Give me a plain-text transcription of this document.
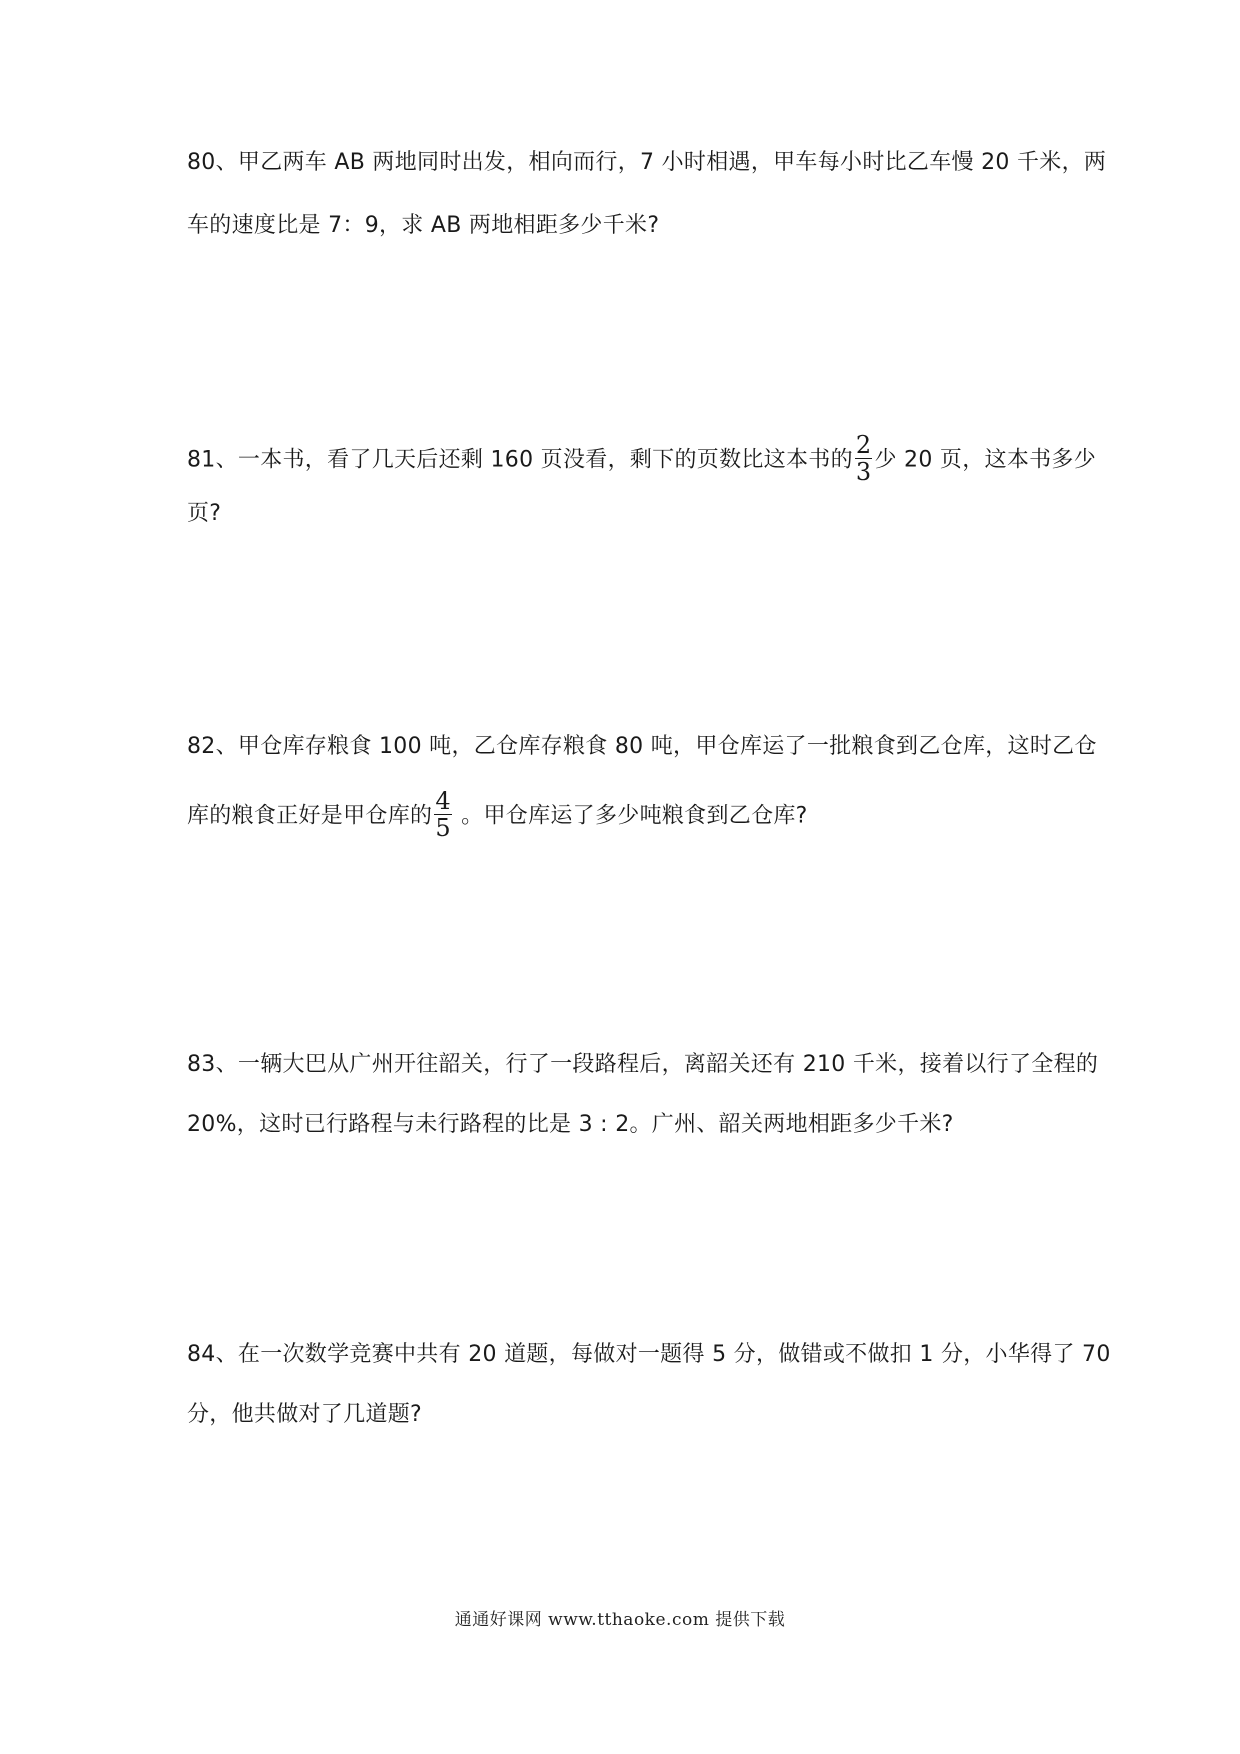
80、甲乙两车 AB 两地同时出发，相向而行，7 小时相遇，甲车每小时比乙车慢 20 千米，两
车的速度比是 7：9，求 AB 两地相距多少千米?
81、一本书，看了几天后还剩 160 页没看，剩下的页数比这本书的 $\frac{2}{3}$ 少 20 页，这本书多少
页?
82、甲仓库存粮食 100 吨，乙仓库存粮食 80 吨，甲仓库运了一批粮食到乙仓库，这时乙仓
库的粮食正好是甲仓库的 $\frac{4}{5}$ 。甲仓库运了多少吨粮食到乙仓库?
83、一辆大巴从广州开往韶关，行了一段路程后，离韶关还有 210 千米，接着以行了全程的
20%，这时已行路程与未行路程的比是 3 : 2。广州、韶关两地相距多少千米?
84、在一次数学竞赛中共有 20 道题，每做对一题得 5 分，做错或不做扣 1 分，小华得了 70
分，他共做对了几道题?
通通好课网 www.tthaoke.com 提供下载
